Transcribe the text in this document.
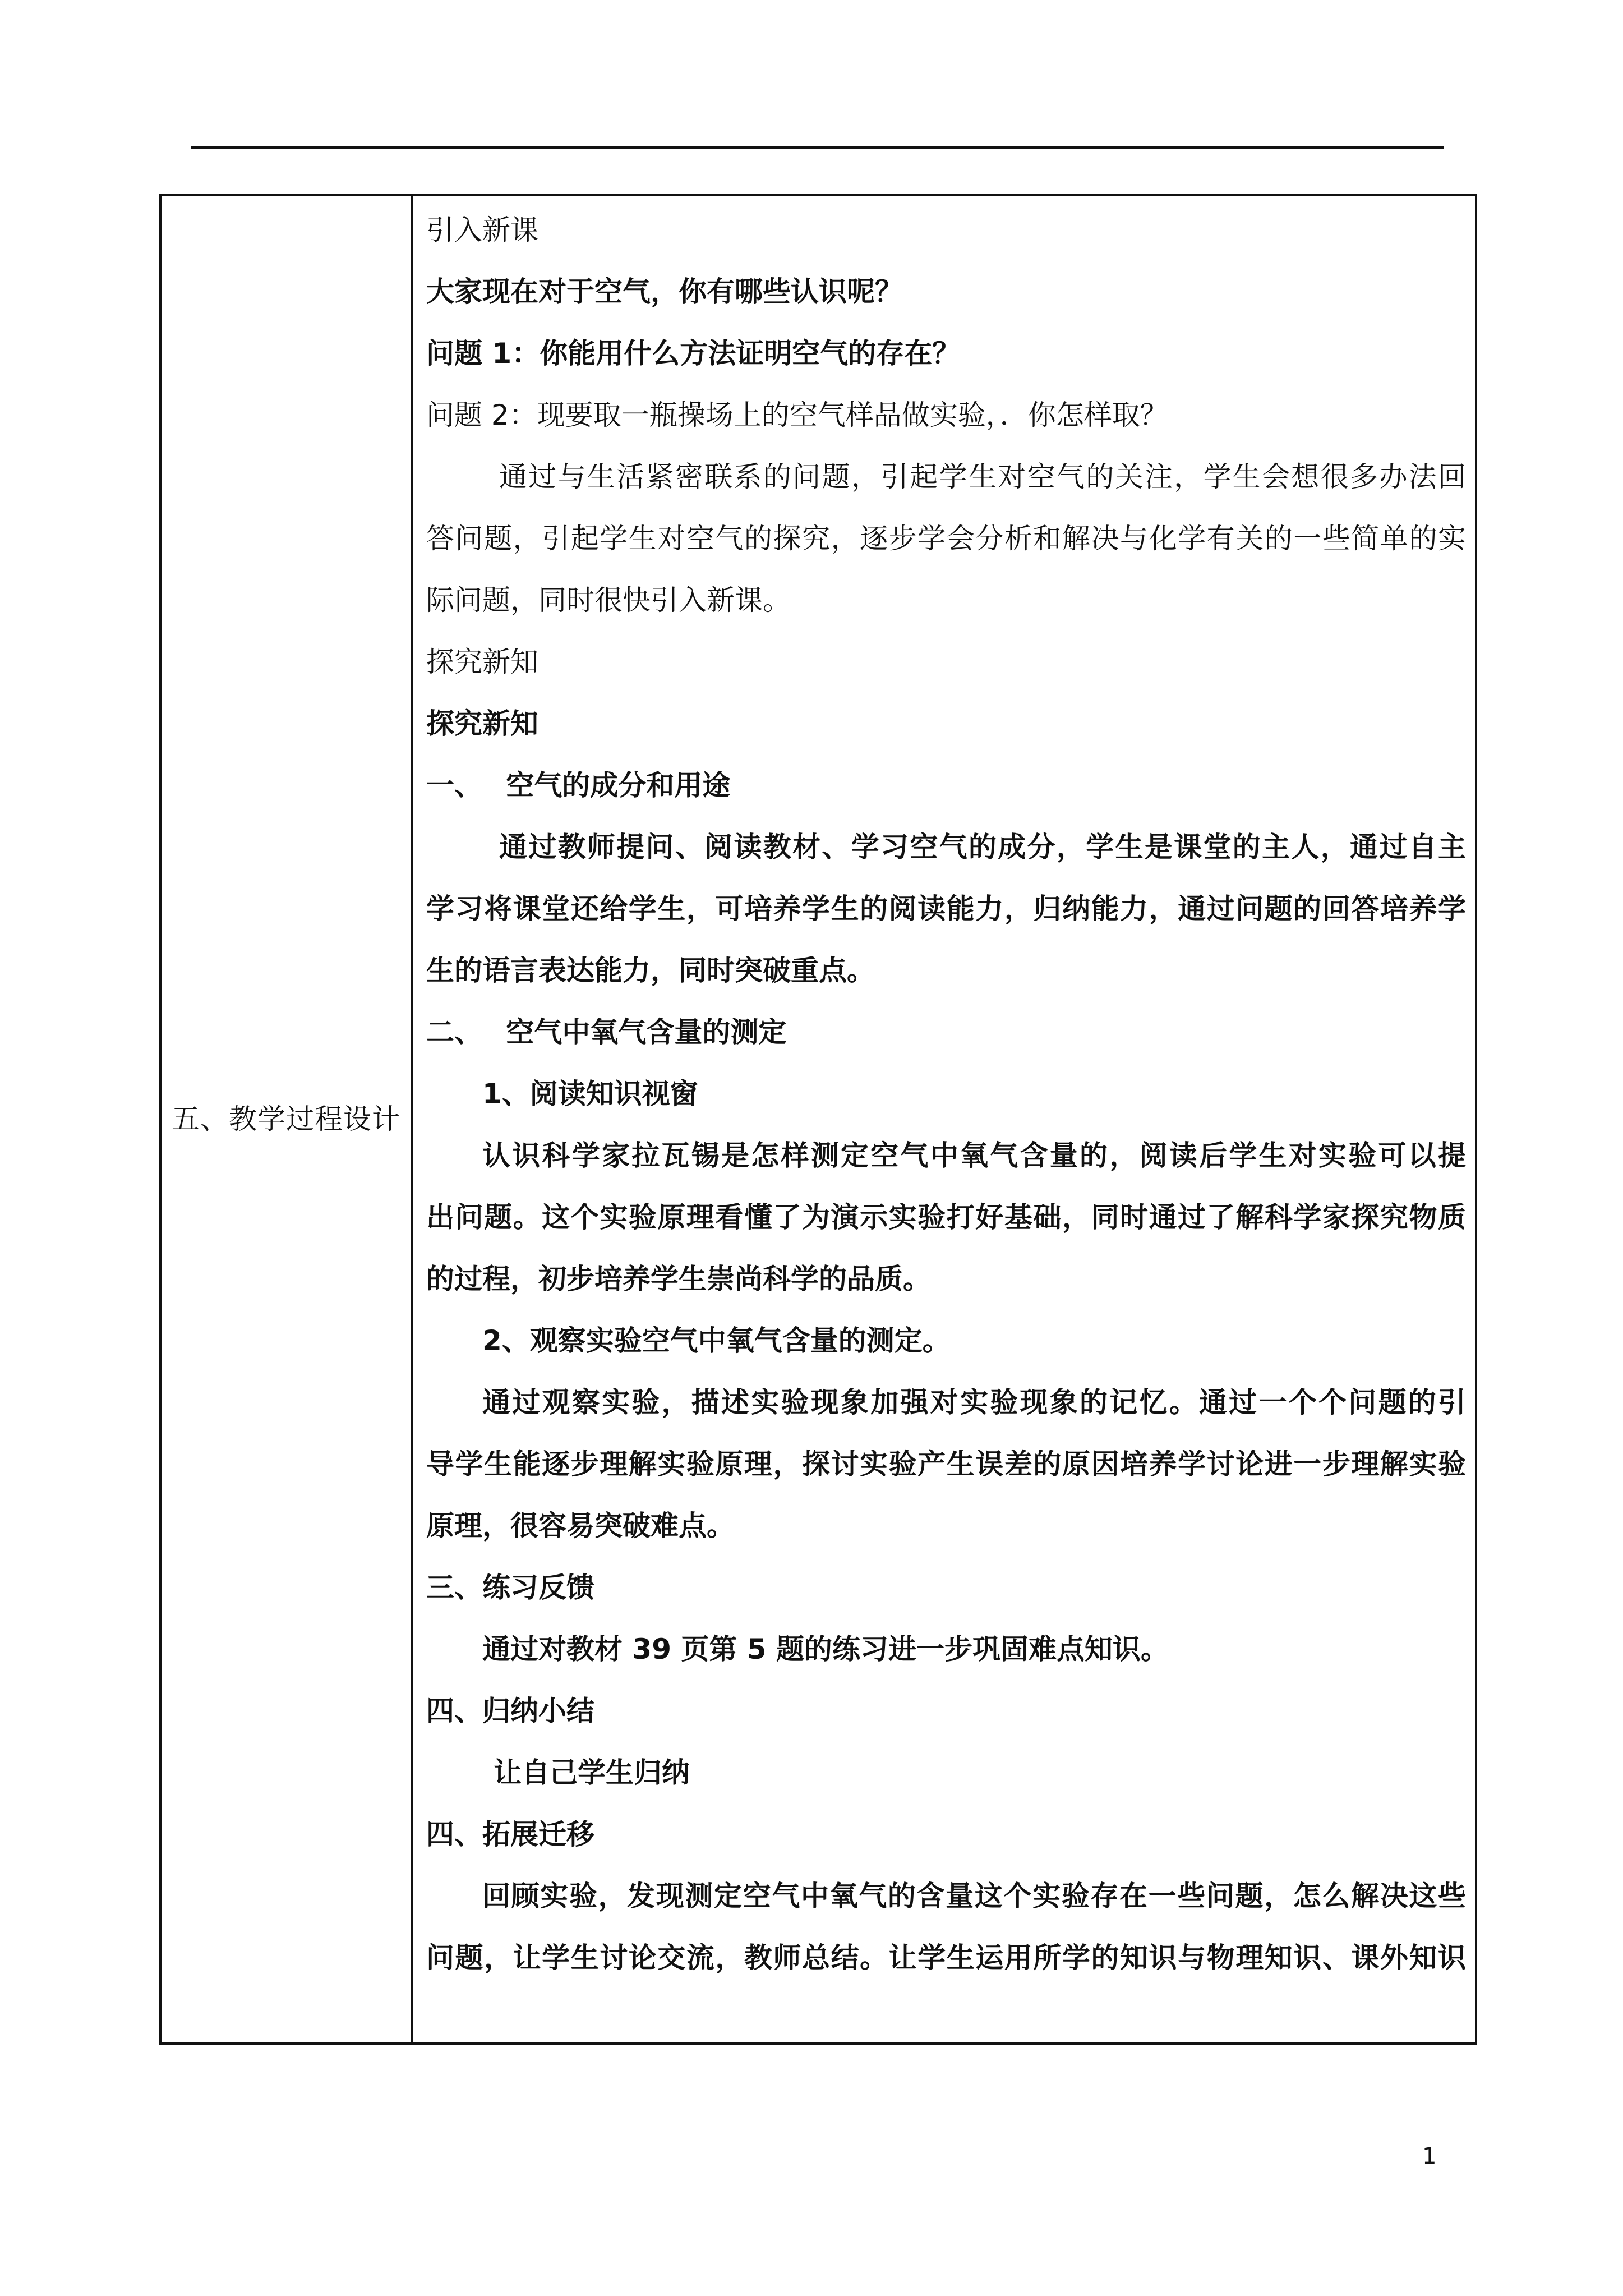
五、教学过程设计
引入新课
大家现在对于空气，你有哪些认识呢？
问题 1：你能用什么方法证明空气的存在？
问题 2：现要取一瓶操场上的空气样品做实验，．你怎样取？
通过与生活紧密联系的问题，引起学生对空气的关注，学生会想很多办法回
答问题，引起学生对空气的探究，逐步学会分析和解决与化学有关的一些简单的实
际问题，同时很快引入新课。
探究新知
探究新知
一、　 空气的成分和用途
通过教师提问、阅读教材、学习空气的成分，学生是课堂的主人，通过自主
学习将课堂还给学生，可培养学生的阅读能力，归纳能力，通过问题的回答培养学
生的语言表达能力，同时突破重点。
二、　 空气中氧气含量的测定
1、阅读知识视窗
认识科学家拉瓦锡是怎样测定空气中氧气含量的，阅读后学生对实验可以提
出问题。这个实验原理看懂了为演示实验打好基础，同时通过了解科学家探究物质
的过程，初步培养学生崇尚科学的品质。
2、观察实验空气中氧气含量的测定。
通过观察实验，描述实验现象加强对实验现象的记忆。通过一个个问题的引
导学生能逐步理解实验原理，探讨实验产生误差的原因培养学讨论进一步理解实验
原理，很容易突破难点。
三、练习反馈
通过对教材 39 页第 5 题的练习进一步巩固难点知识。
四、归纳小结
让自己学生归纳
四、拓展迁移
回顾实验，发现测定空气中氧气的含量这个实验存在一些问题，怎么解决这些
问题，让学生讨论交流，教师总结。让学生运用所学的知识与物理知识、课外知识
1
